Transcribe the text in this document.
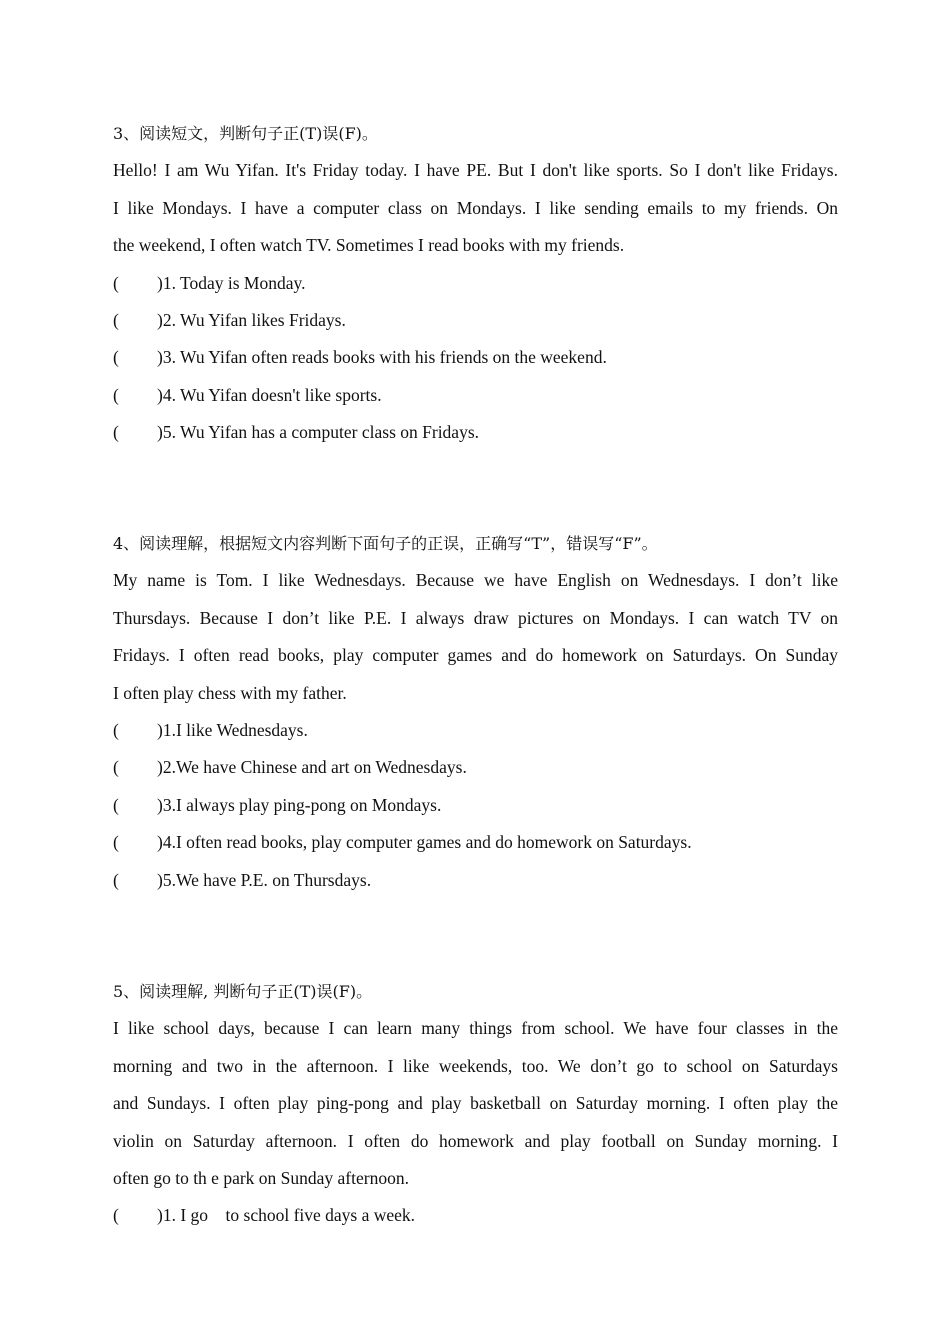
3、阅读短文，判断句子正(T)误(F)。
Hello! I am Wu Yifan. It's Friday today. I have PE. But I don't like sports. So I don't like Fridays.
I like Mondays. I have a computer class on Mondays. I like sending emails to my friends. On
the weekend, I often watch TV. Sometimes I read books with my friends.
(	) 1. Today is Monday.
(	) 2. Wu Yifan likes Fridays.
(	) 3. Wu Yifan often reads books with his friends on the weekend.
(	) 4. Wu Yifan doesn't like sports.
(	) 5. Wu Yifan has a computer class on Fridays.
4、阅读理解，根据短文内容判断下面句子的正误，正确写“T”，错误写“F”。
My name is Tom. I like Wednesdays. Because we have English on Wednesdays. I don’t like
Thursdays. Because I don’t like P.E. I always draw pictures on Mondays. I can watch TV on
Fridays. I often read books, play computer games and do homework on Saturdays. On Sunday
I often play chess with my father.
(	) 1.I like Wednesdays.
(	) 2.We have Chinese and art on Wednesdays.
(	) 3.I always play ping-pong on Mondays.
(	) 4.I often read books, play computer games and do homework on Saturdays.
(	) 5.We have P.E. on Thursdays.
5、阅读理解, 判断句子正(T)误(F)。
I like school days, because I can learn many things from school. We have four classes in the
morning and two in the afternoon. I like weekends, too. We don’t go to school on Saturdays
and Sundays. I often play ping-pong and play basketball on Saturday morning. I often play the
violin on Saturday afternoon. I often do homework and play football on Sunday morning. I
often go to th e park on Sunday afternoon.
(	) 1. I go    to school five days a week.
